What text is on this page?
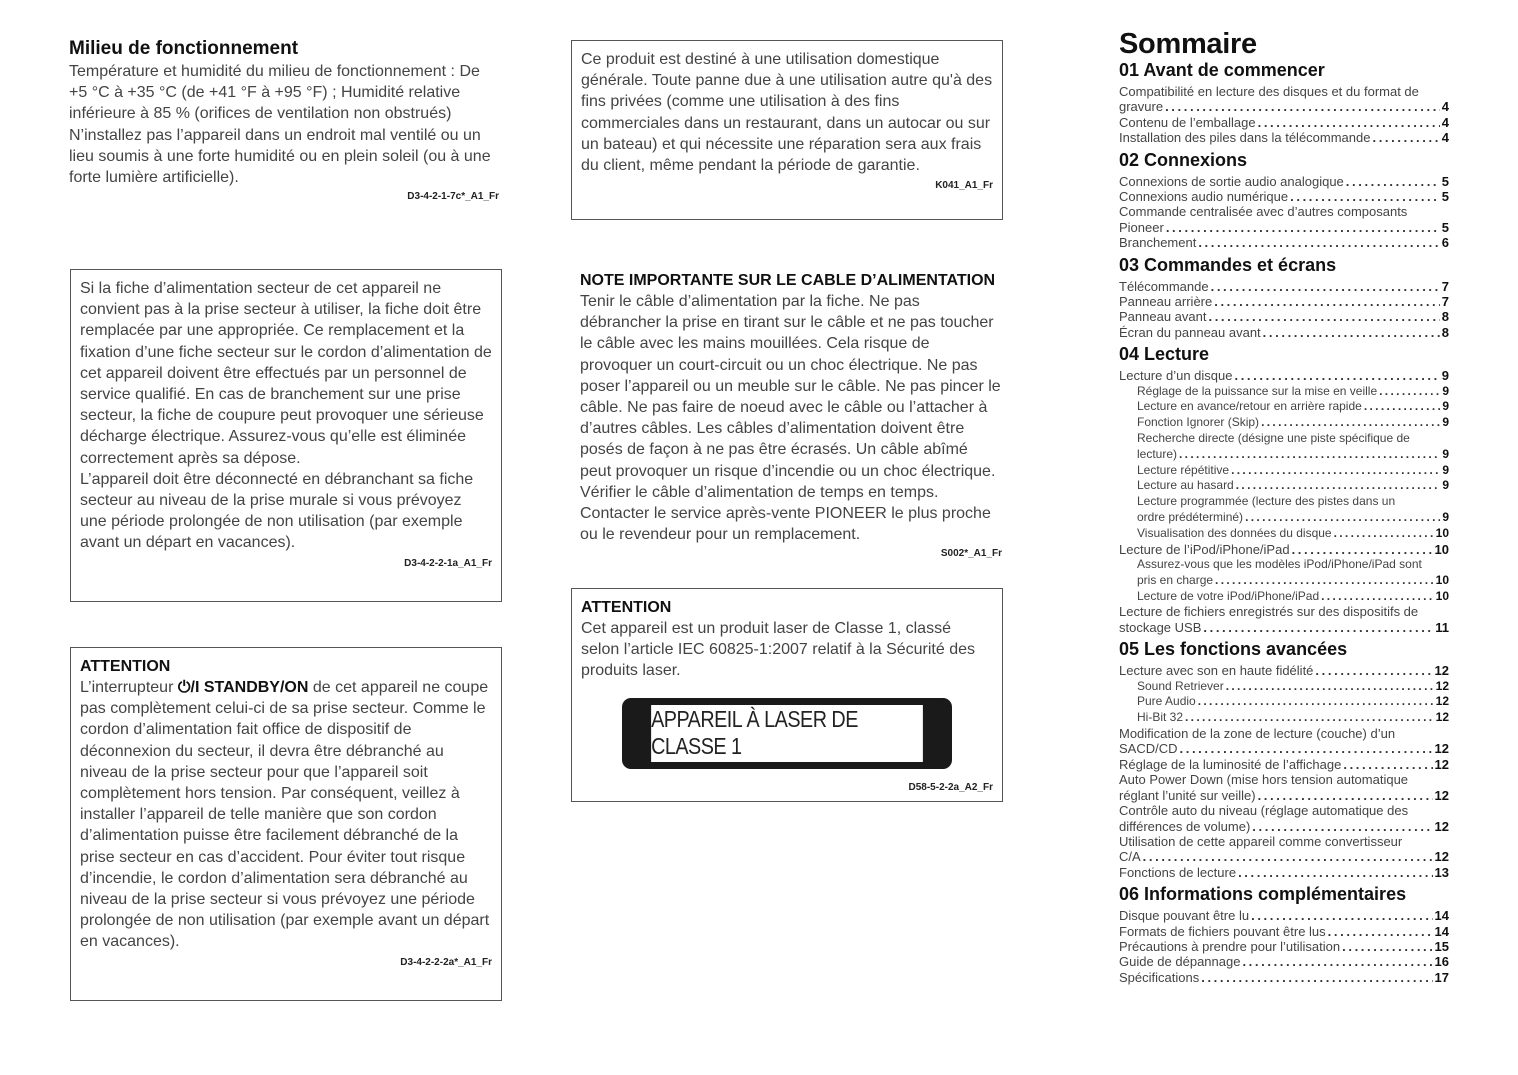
Milieu de fonctionnement
Température et humidité du milieu de fonctionnement : De +5 °C à +35 °C (de +41 °F à +95 °F) ; Humidité relative inférieure à 85 % (orifices de ventilation non obstrués)
N’installez pas l’appareil dans un endroit mal ventilé ou un lieu soumis à une forte humidité ou en plein soleil (ou à une forte lumière artificielle).
D3-4-2-1-7c*_A1_Fr
Si la fiche d’alimentation secteur de cet appareil ne convient pas à la prise secteur à utiliser, la fiche doit être remplacée par une appropriée. Ce remplacement et la fixation d’une fiche secteur sur le cordon d’alimentation de cet appareil doivent être effectués par un personnel de service qualifié. En cas de branchement sur une prise secteur, la fiche de coupure peut provoquer une sérieuse décharge électrique. Assurez-vous qu’elle est éliminée correctement après sa dépose.
L’appareil doit être déconnecté en débranchant sa fiche secteur au niveau de la prise murale si vous prévoyez une période prolongée de non utilisation (par exemple avant un départ en vacances).
D3-4-2-2-1a_A1_Fr
ATTENTION
L’interrupteur ⏻/I STANDBY/ON de cet appareil ne coupe pas complètement celui-ci de sa prise secteur. Comme le cordon d’alimentation fait office de dispositif de déconnexion du secteur, il devra être débranché au niveau de la prise secteur pour que l’appareil soit complètement hors tension. Par conséquent, veillez à installer l’appareil de telle manière que son cordon d’alimentation puisse être facilement débranché de la prise secteur en cas d’accident. Pour éviter tout risque d’incendie, le cordon d’alimentation sera débranché au niveau de la prise secteur si vous prévoyez une période prolongée de non utilisation (par exemple avant un départ en vacances).
D3-4-2-2-2a*_A1_Fr
Ce produit est destiné à une utilisation domestique générale. Toute panne due à une utilisation autre qu'à des fins privées (comme une utilisation à des fins commerciales dans un restaurant, dans un autocar ou sur un bateau) et qui nécessite une réparation sera aux frais du client, même pendant la période de garantie.
K041_A1_Fr
NOTE IMPORTANTE SUR LE CABLE D’ALIMENTATION
Tenir le câble d’alimentation par la fiche. Ne pas débrancher la prise en tirant sur le câble et ne pas toucher le câble avec les mains mouillées. Cela risque de provoquer un court-circuit ou un choc électrique. Ne pas poser l’appareil ou un meuble sur le câble. Ne pas pincer le câble. Ne pas faire de noeud avec le câble ou l’attacher à d’autres câbles. Les câbles d’alimentation doivent être posés de façon à ne pas être écrasés. Un câble abîmé peut provoquer un risque d’incendie ou un choc électrique. Vérifier le câble d’alimentation de temps en temps. Contacter le service après-vente PIONEER le plus proche ou le revendeur pour un remplacement.
S002*_A1_Fr
ATTENTION
Cet appareil est un produit laser de Classe 1, classé selon l’article IEC 60825-1:2007 relatif à la Sécurité des produits laser.
APPAREIL À LASER DE CLASSE 1
D58-5-2-2a_A2_Fr
Sommaire
01 Avant de commencer
Compatibilité en lecture des disques et du format de
gravure . . .	4
Contenu de l’emballage . . .	4
Installation des piles dans la télécommande . . .	4
02 Connexions
Connexions de sortie audio analogique . . .	5
Connexions audio numérique . . .	5
Commande centralisée avec d’autres composants
Pioneer . . .	5
Branchement . . .	6
03 Commandes et écrans
Télécommande . . .	7
Panneau arrière . . .	7
Panneau avant . . .	8
Écran du panneau avant . . .	8
04 Lecture
Lecture d’un disque . . .	9
Réglage de la puissance sur la mise en veille . . .	9
Lecture en avance/retour en arrière rapide . . .	9
Fonction Ignorer (Skip) . . .	9
Recherche directe (désigne une piste spécifique de
lecture) . . .	9
Lecture répétitive . . .	9
Lecture au hasard . . .	9
Lecture programmée (lecture des pistes dans un
ordre prédéterminé) . . .	9
Visualisation des données du disque . . .	10
Lecture de l’iPod/iPhone/iPad . . .	10
Assurez-vous que les modèles iPod/iPhone/iPad sont
pris en charge . . .	10
Lecture de votre iPod/iPhone/iPad . . .	10
Lecture de fichiers enregistrés sur des dispositifs de
stockage USB . . .	11
05 Les fonctions avancées
Lecture avec son en haute fidélité . . .	12
Sound Retriever . . .	12
Pure Audio . . .	12
Hi-Bit 32 . . .	12
Modification de la zone de lecture (couche) d’un
SACD/CD . . .	12
Réglage de la luminosité de l’affichage . . .	12
Auto Power Down (mise hors tension automatique
réglant l’unité sur veille) . . .	12
Contrôle auto du niveau (réglage automatique des
différences de volume) . . .	12
Utilisation de cette appareil comme convertisseur
C/A . . .	12
Fonctions de lecture . . .	13
06 Informations complémentaires
Disque pouvant être lu . . .	14
Formats de fichiers pouvant être lus . . .	14
Précautions à prendre pour l’utilisation . . .	15
Guide de dépannage . . .	16
Spécifications . . .	17
